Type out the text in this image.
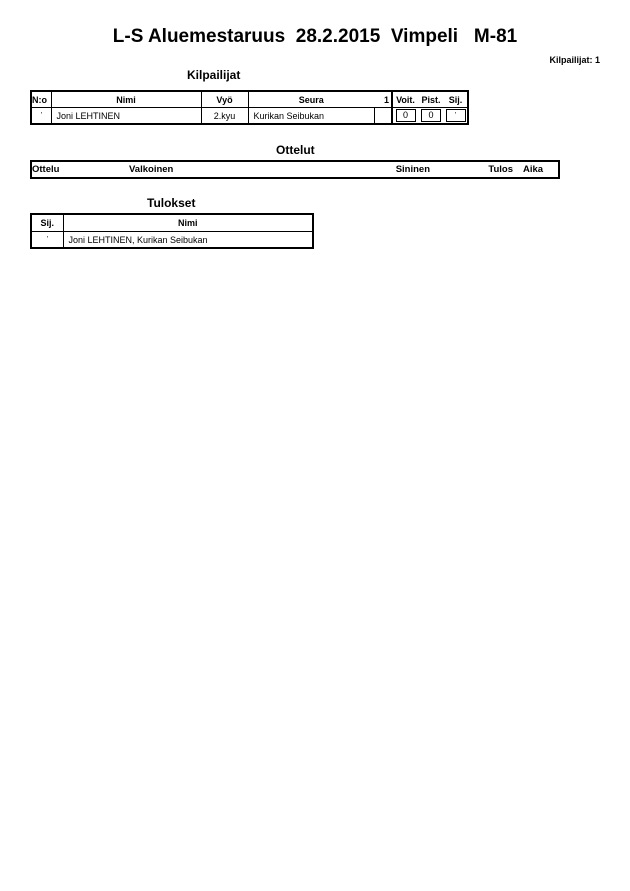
L-S Aluemestaruus  28.2.2015  Vimpeli   M-81
Kilpailijat: 1
Kilpailijat
N:o	Nimi	Vyö	Seura	1	Voit.	Pist.	Sij.
'	Joni LEHTINEN	2.kyu	Kurikan Seibukan		0	0	'
Ottelut
Ottelu	Valkoinen	Sininen	Tulos	Aika
Tulokset
Sij.	Nimi
'	Joni LEHTINEN, Kurikan Seibukan
